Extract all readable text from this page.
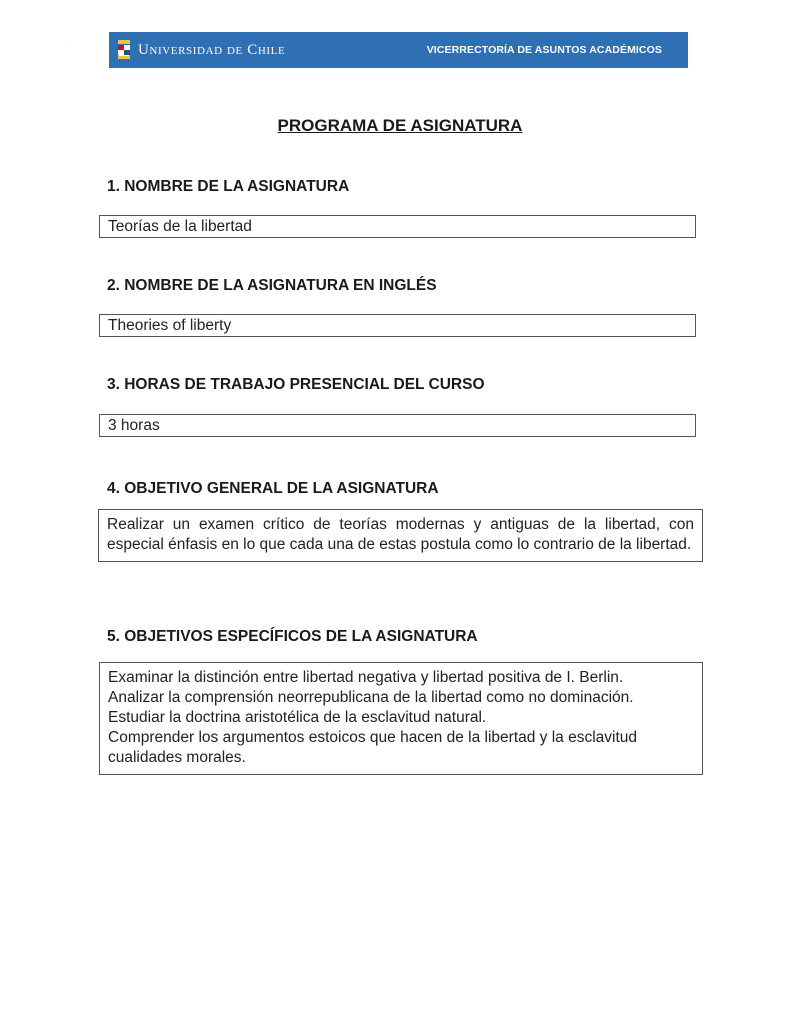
·	Universidad de Chile	VICERRECTORÍA DE ASUNTOS ACADÉMICOS
PROGRAMA DE ASIGNATURA
1. NOMBRE DE LA ASIGNATURA
Teorías de la libertad
2. NOMBRE DE LA ASIGNATURA EN INGLÉS
Theories of liberty
3. HORAS DE TRABAJO PRESENCIAL DEL CURSO
3 horas
4. OBJETIVO GENERAL DE LA ASIGNATURA

Realizar un examen crítico de teorías modernas y antiguas de la libertad, con especial énfasis en lo que cada una de estas postula como lo contrario de la libertad.

5. OBJETIVOS ESPECÍFICOS DE LA ASIGNATURA

Examinar la distinción entre libertad negativa y libertad positiva de I. Berlin.

Analizar la comprensión neorrepublicana de la libertad como no dominación.

Estudiar la doctrina aristotélica de la esclavitud natural.

Comprender los argumentos estoicos que hacen de la libertad y la esclavitud cualidades morales.
